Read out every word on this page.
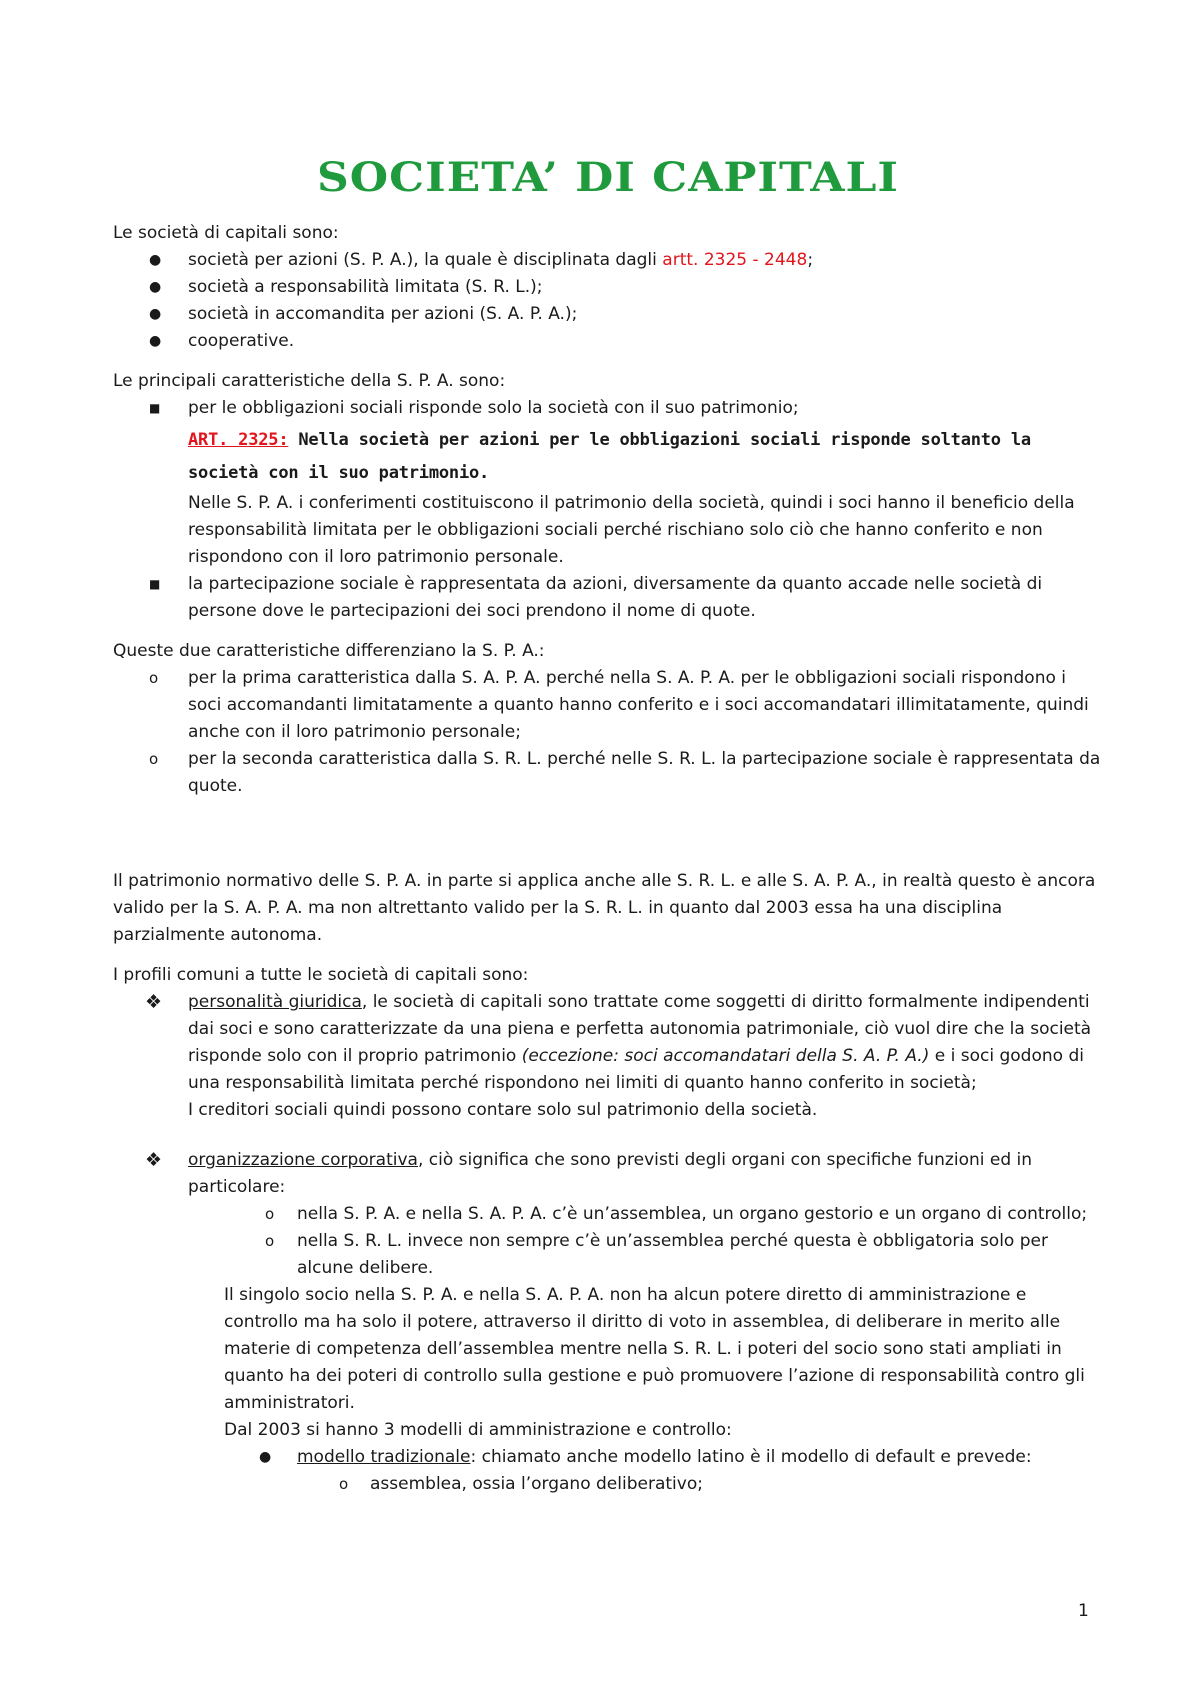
SOCIETA’ DI CAPITALI

Le società di capitali sono:

●	società per azioni (S. P. A.), la quale è disciplinata dagli artt. 2325 - 2448;
●	società a responsabilità limitata (S. R. L.);
●	società in accomandita per azioni (S. A. P. A.);
●	cooperative.

Le principali caratteristiche della S. P. A. sono:

■	per le obbligazioni sociali risponde solo la società con il suo patrimonio;
ART. 2325: Nella società per azioni per le obbligazioni sociali risponde soltanto la società con il suo patrimonio.
Nelle S. P. A. i conferimenti costituiscono il patrimonio della società, quindi i soci hanno il beneficio della responsabilità limitata per le obbligazioni sociali perché rischiano solo ciò che hanno conferito e non rispondono con il loro patrimonio personale.
■	la partecipazione sociale è rappresentata da azioni, diversamente da quanto accade nelle società di persone dove le partecipazioni dei soci prendono il nome di quote.

Queste due caratteristiche differenziano la S. P. A.:

o	per la prima caratteristica dalla S. A. P. A. perché nella S. A. P. A. per le obbligazioni sociali rispondono i soci accomandanti limitatamente a quanto hanno conferito e i soci accomandatari illimitatamente, quindi anche con il loro patrimonio personale;
o	per la seconda caratteristica dalla S. R. L. perché nelle S. R. L. la partecipazione sociale è rappresentata da quote.

Il patrimonio normativo delle S. P. A. in parte si applica anche alle S. R. L. e alle S. A. P. A., in realtà questo è ancora valido per la S. A. P. A. ma non altrettanto valido per la S. R. L. in quanto dal 2003 essa ha una disciplina parzialmente autonoma.

I profili comuni a tutte le società di capitali sono:

❖	personalità giuridica, le società di capitali sono trattate come soggetti di diritto formalmente indipendenti dai soci e sono caratterizzate da una piena e perfetta autonomia patrimoniale, ciò vuol dire che la società risponde solo con il proprio patrimonio (eccezione: soci accomandatari della S. A. P. A.) e i soci godono di una responsabilità limitata perché rispondono nei limiti di quanto hanno conferito in società;
I creditori sociali quindi possono contare solo sul patrimonio della società.
❖	organizzazione corporativa, ciò significa che sono previsti degli organi con specifiche funzioni ed in particolare:
o	nella S. P. A. e nella S. A. P. A. c’è un’assemblea, un organo gestorio e un organo di controllo;
o	nella S. R. L. invece non sempre c’è un’assemblea perché questa è obbligatoria solo per alcune delibere.
Il singolo socio nella S. P. A. e nella S. A. P. A. non ha alcun potere diretto di amministrazione e controllo ma ha solo il potere, attraverso il diritto di voto in assemblea, di deliberare in merito alle materie di competenza dell’assemblea mentre nella S. R. L. i poteri del socio sono stati ampliati in quanto ha dei poteri di controllo sulla gestione e può promuovere l’azione di responsabilità contro gli amministratori.
Dal 2003 si hanno 3 modelli di amministrazione e controllo:
●	modello tradizionale: chiamato anche modello latino è il modello di default e prevede:
o	assemblea, ossia l’organo deliberativo;
1
